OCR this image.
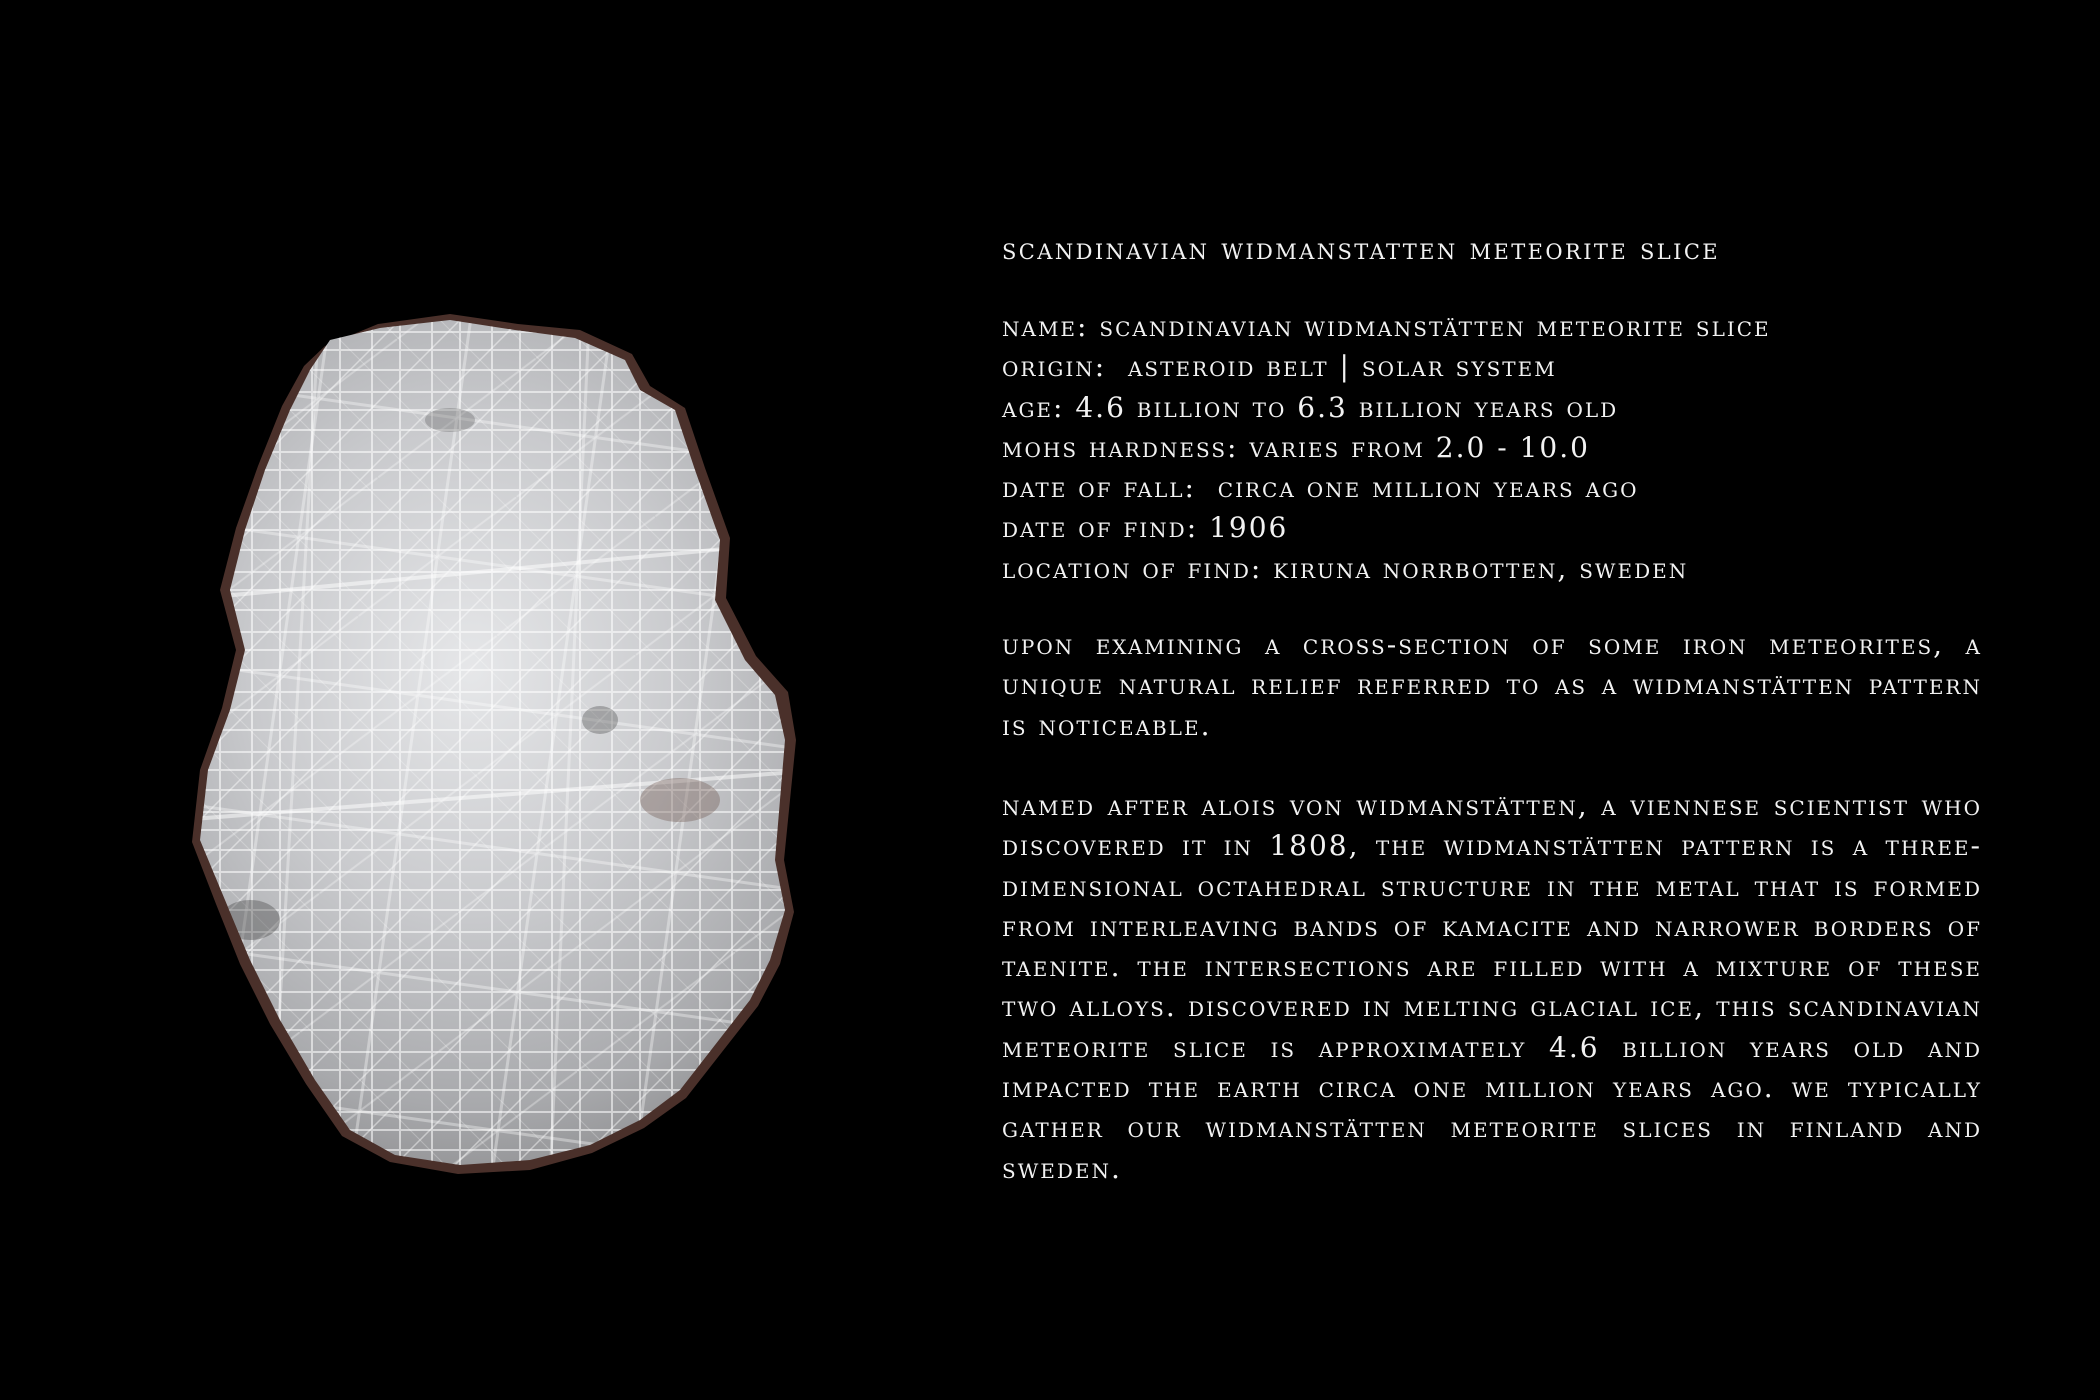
scandinavian widmanstatten meteorite slice
name: scandinavian widmanstätten meteorite slice
origin: asteroid belt | solar system
age: 4.6 billion to 6.3 billion years old
mohs hardness: varies from 2.0 - 10.0
date of fall: circa one million years ago
date of find: 1906
location of find: kiruna norrbotten, sweden

upon examining a cross-section of some iron meteorites, a unique natural relief referred to as a widmanstätten pattern is noticeable.

named after alois von widmanstätten, a viennese scientist who discovered it in 1808, the widmanstätten pattern is a three-dimensional octahedral structure in the metal that is formed from interleaving bands of kamacite and narrower borders of taenite. the intersections are filled with a mixture of these two alloys. discovered in melting glacial ice, this scandinavian meteorite slice is approximately 4.6 billion years old and impacted the earth circa one million years ago. we typically gather our widmanstätten meteorite slices in finland and sweden.
